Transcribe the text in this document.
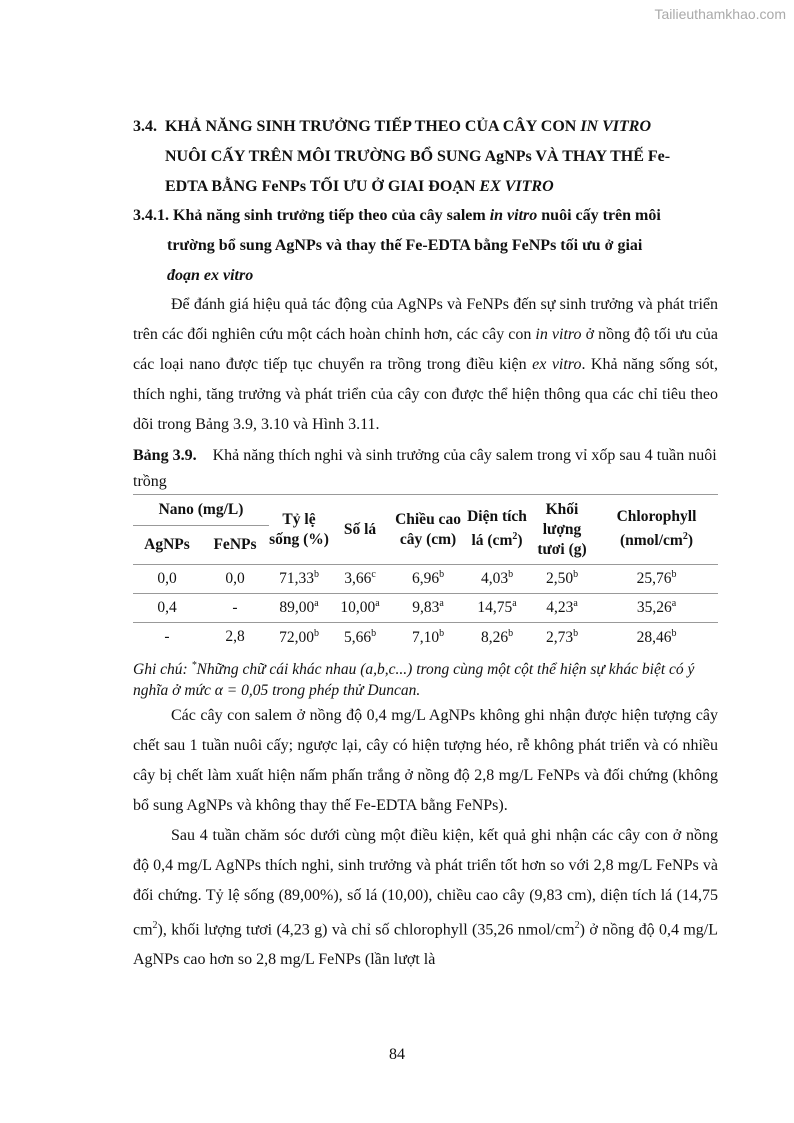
Tailieuthamkhao.com
3.4. KHẢ NĂNG SINH TRƯỞNG TIẾP THEO CỦA CÂY CON IN VITRO
NUÔI CẤY TRÊN MÔI TRƯỜNG BỔ SUNG AgNPs VÀ THAY THẾ Fe-
EDTA BẰNG FeNPs TỐI ƯU Ở GIAI ĐOẠN EX VITRO
3.4.1. Khả năng sinh trưởng tiếp theo của cây salem in vitro nuôi cấy trên môi
trường bổ sung AgNPs và thay thế Fe-EDTA bằng FeNPs tối ưu ở giai
đoạn ex vitro
Để đánh giá hiệu quả tác động của AgNPs và FeNPs đến sự sinh trưởng và phát triển trên các đối nghiên cứu một cách hoàn chỉnh hơn, các cây con in vitro ở nồng độ tối ưu của các loại nano được tiếp tục chuyển ra trồng trong điều kiện ex vitro. Khả năng sống sót, thích nghi, tăng trưởng và phát triển của cây con được thể hiện thông qua các chỉ tiêu theo dõi trong Bảng 3.9, 3.10 và Hình 3.11.
Bảng 3.9. Khả năng thích nghi và sinh trưởng của cây salem trong vỉ xốp sau 4 tuần nuôi trồng
Nano (mg/L)		Tỷ lệ sống (%)	Số lá	Chiều cao cây (cm)	Diện tích lá $(cm^2)$	Khối lượng tươi (g)	Chlorophyll $(nmol/cm^2)$
AgNPs	FeNPs						
0,0	0,0	71,33$^b$	3,66$^c$	6,96$^b$	4,03$^b$	2,50$^b$	25,76$^b$
0,4	-	89,00$^a$	10,00$^a$	9,83$^a$	14,75$^a$	4,23$^a$	35,26$^a$
-	2,8	72,00$^b$	5,66$^b$	7,10$^b$	8,26$^b$	2,73$^b$	28,46$^b$
Ghi chú: *Những chữ cái khác nhau (a,b,c...) trong cùng một cột thể hiện sự khác biệt có ý nghĩa ở mức α = 0,05 trong phép thử Duncan.
Các cây con salem ở nồng độ 0,4 mg/L AgNPs không ghi nhận được hiện tượng cây chết sau 1 tuần nuôi cấy; ngược lại, cây có hiện tượng héo, rễ không phát triển và có nhiều cây bị chết làm xuất hiện nấm phấn trắng ở nồng độ 2,8 mg/L FeNPs và đối chứng (không bổ sung AgNPs và không thay thế Fe-EDTA bằng FeNPs).
Sau 4 tuần chăm sóc dưới cùng một điều kiện, kết quả ghi nhận các cây con ở nồng độ 0,4 mg/L AgNPs thích nghi, sinh trưởng và phát triển tốt hơn so với 2,8 mg/L FeNPs và đối chứng. Tỷ lệ sống (89,00%), số lá (10,00), chiều cao cây (9,83 cm), diện tích lá (14,75 $cm^2$), khối lượng tươi (4,23 g) và chỉ số chlorophyll (35,26 nmol/$cm^2$) ở nồng độ 0,4 mg/L AgNPs cao hơn so 2,8 mg/L FeNPs (lần lượt là
84
